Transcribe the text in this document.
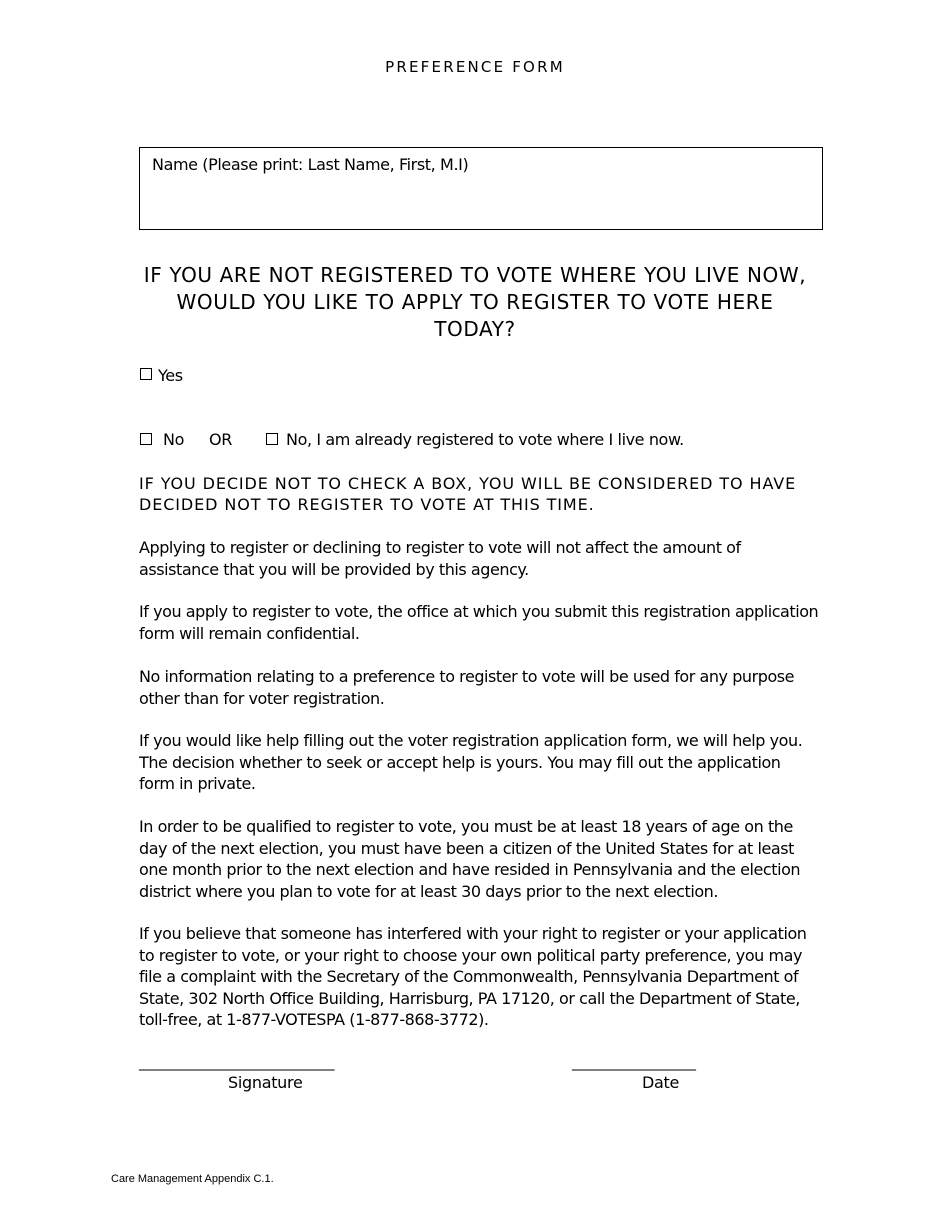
PREFERENCE FORM
Name (Please print: Last Name, First, M.I)
IF YOU ARE NOT REGISTERED TO VOTE WHERE YOU LIVE NOW, WOULD YOU LIKE TO APPLY TO REGISTER TO VOTE HERE TODAY?
Yes
No OR	No, I am already registered to vote where I live now.
IF YOU DECIDE NOT TO CHECK A BOX, YOU WILL BE CONSIDERED TO HAVE DECIDED NOT TO REGISTER TO VOTE AT THIS TIME.
Applying to register or declining to register to vote will not affect the amount of assistance that you will be provided by this agency.
If you apply to register to vote, the office at which you submit this registration application form will remain confidential.
No information relating to a preference to register to vote will be used for any purpose other than for voter registration.
If you would like help filling out the voter registration application form, we will help you. The decision whether to seek or accept help is yours. You may fill out the application form in private.
In order to be qualified to register to vote, you must be at least 18 years of age on the day of the next election, you must have been a citizen of the United States for at least one month prior to the next election and have resided in Pennsylvania and the election district where you plan to vote for at least 30 days prior to the next election.
If you believe that someone has interfered with your right to register or your application to register to vote, or your right to choose your own political party preference, you may file a complaint with the Secretary of the Commonwealth, Pennsylvania Department of State, 302 North Office Building, Harrisburg, PA 17120, or call the Department of State, toll-free, at 1-877-VOTESPA (1-877-868-3772).
______________________________
Signature
___________________
Date
Care Management Appendix C.1.
